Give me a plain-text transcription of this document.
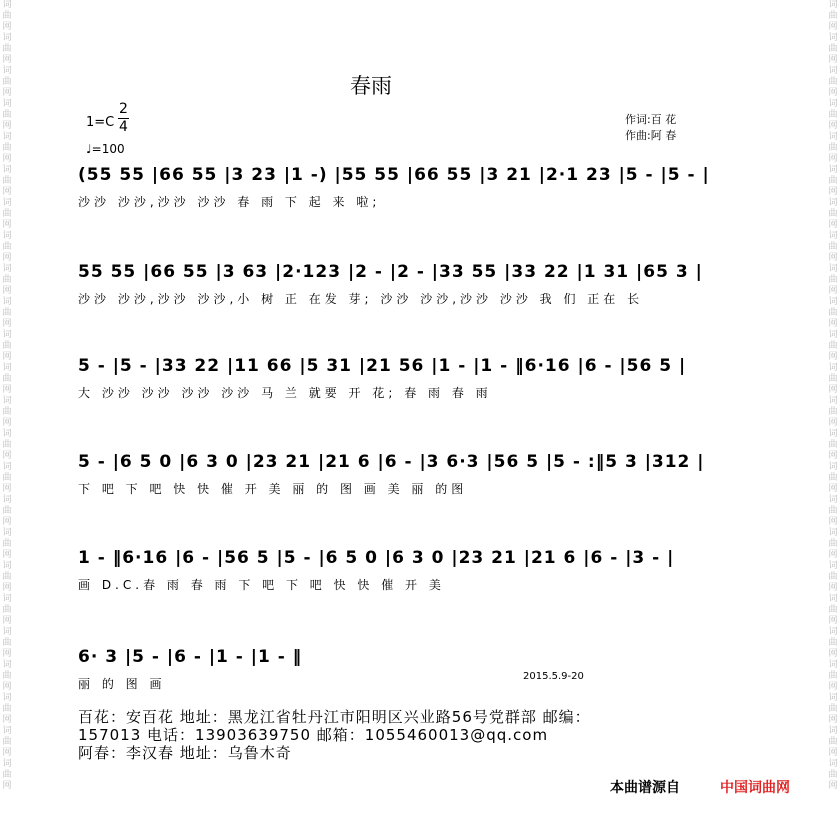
词
曲
网
词
曲
网
词
曲
网
词
曲
网
词
曲
网
词
曲
网
词
曲
网
词
曲
网
词
曲
网
词
曲
网
词
曲
网
词
曲
网
词
曲
网
词
曲
网
词
曲
网
词
曲
网
词
曲
网
词
曲
网
词
曲
网
词
曲
网
词
曲
网
词
曲
网
词
曲
网
词
曲
网
词
曲
网
词
曲
网
词
曲
网
词
曲
网
词
曲
网
词
曲
网
词
曲
网
词
曲
网
词
曲
网
词
曲
网
词
曲
网
词
曲
网
词
曲
网
词
曲
网
词
曲
网
词
曲
网
词
曲
网
词
曲
网
词
曲
网
词
曲
网
词
曲
网
词
曲
网
词
曲
网
词
曲
网
春雨
1=C
2
4
♩=100
作词:百 花
作曲:阿 春
(55 55 |66 55 |3 23 |1 -) |55 55 |66 55 |3 21 |2·1 23 |5 - |5 - |
沙沙 沙沙,沙沙 沙沙 春 雨 下 起 来 啦;
55 55 |66 55 |3 63 |2·123 |2 - |2 - |33 55 |33 22 |1 31 |65 3 |
沙沙 沙沙,沙沙 沙沙,小 树 正 在发 芽; 沙沙 沙沙,沙沙 沙沙 我 们 正在 长
5 - |5 - |33 22 |11 66 |5 31 |21 56 |1 - |1 - ‖6·16 |6 - |56 5 |
大 沙沙 沙沙 沙沙 沙沙 马 兰 就要 开 花; 春 雨 春 雨
5 - |6 5 0 |6 3 0 |23 21 |21 6 |6 - |3 6·3 |56 5 |5 - :‖5 3 |312 |
下 吧 下 吧 快 快 催 开 美 丽 的 图 画 美 丽 的图
1 - ‖6·16 |6 - |56 5 |5 - |6 5 0 |6 3 0 |23 21 |21 6 |6 - |3 - |
画 D.C.春 雨 春 雨 下 吧 下 吧 快 快 催 开 美
6· 3 |5 - |6 - |1 - |1 - ‖
丽 的 图 画
2015.5.9-20
百花：安百花 地址：黑龙江省牡丹江市阳明区兴业路56号党群部 邮编：
157013 电话：13903639750 邮箱：1055460013@qq.com
阿春：李汉春 地址：乌鲁木奇
本曲谱源自	中国词曲网
